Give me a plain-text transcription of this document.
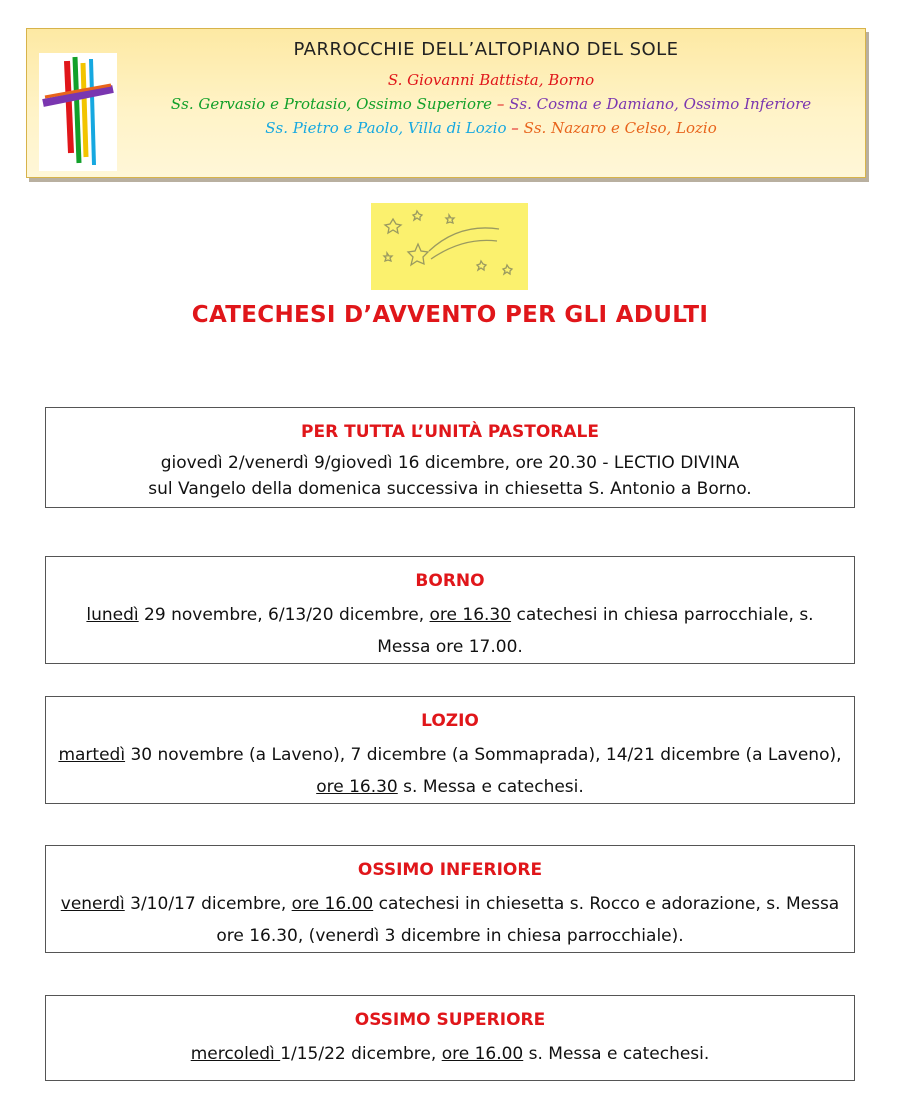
PARROCCHIE DELL’ALTOPIANO DEL SOLE
S. Giovanni Battista, Borno
Ss. Gervasio e Protasio, Ossimo Superiore – Ss. Cosma e Damiano, Ossimo Inferiore
Ss. Pietro e Paolo, Villa di Lozio – Ss. Nazaro e Celso, Lozio
CATECHESI D’AVVENTO PER GLI ADULTI
PER TUTTA L’UNITÀ PASTORALE

giovedì 2/venerdì 9/giovedì 16 dicembre, ore 20.30 - LECTIO DIVINA

sul Vangelo della domenica successiva in chiesetta S. Antonio a Borno.

BORNO

lunedì 29 novembre, 6/13/20 dicembre, ore 16.30 catechesi in chiesa parrocchiale, s. Messa ore 17.00.

LOZIO

martedì 30 novembre (a Laveno), 7 dicembre (a Sommaprada), 14/21 dicembre (a Laveno), ore 16.30 s. Messa e catechesi.

OSSIMO INFERIORE

venerdì 3/10/17 dicembre, ore 16.00 catechesi in chiesetta s. Rocco e adorazione, s. Messa ore 16.30, (venerdì 3 dicembre in chiesa parrocchiale).

OSSIMO SUPERIORE

mercoledì 1/15/22 dicembre, ore 16.00 s. Messa e catechesi.
